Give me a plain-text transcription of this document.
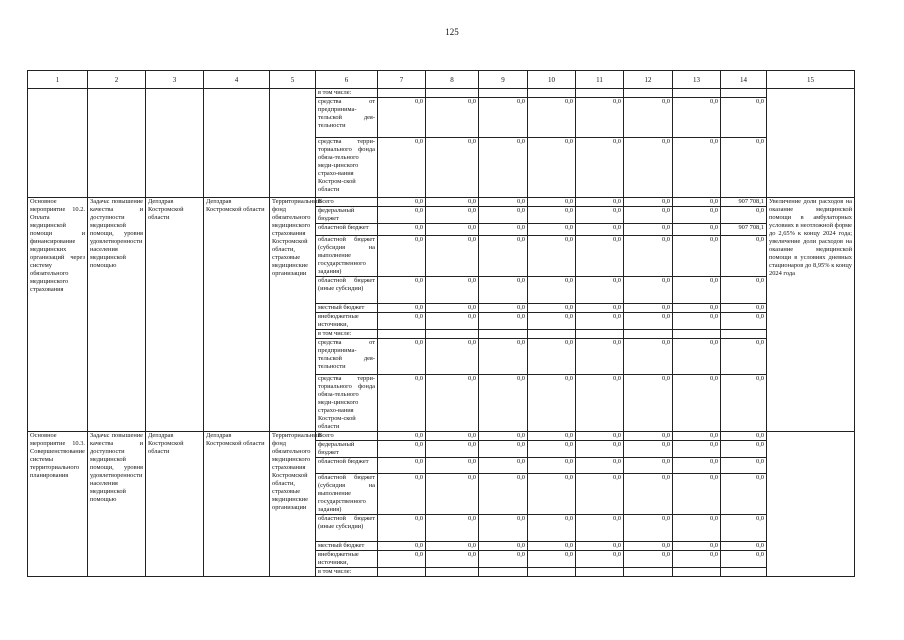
125
1	2	3	4	5	6	7	8	9	10	11	12	13	14	15
					в том числе:									
					средства от предпринима-тельской дея-тельности	0,0	0,0	0,0	0,0	0,0	0,0	0,0	0,0	
					средства терри-ториального фонда обяза-тельного меди-цинского страхо-вания Костром-ской области	0,0	0,0	0,0	0,0	0,0	0,0	0,0	0,0	
Основное мероприятие 10.2. Оплата медицинской помощи и финансирование медицинских организаций через систему обязательного медицинского страхования	Задача: повышение качества и доступности медицинской помощи, уровня удовлетворенности населения медицинской помощью	Депздрав Костромской области	Депздрав Костромской области	Территориальный фонд обязательного медицинского страхования Костромской области, страховые медицинские организации	Всего	0,0	0,0	0,0	0,0	0,0	0,0	0,0	907 708,1	Увеличение доли расходов на оказание медицинской помощи в амбулаторных условиях в неотложной форме до 2,65% к концу 2024 года; увеличение доли расходов на оказание медицинской помощи в условиях дневных стационаров до 8,95% к концу 2024 года
					федеральный бюджет	0,0	0,0	0,0	0,0	0,0	0,0	0,0	0,0	
					областной бюджет	0,0	0,0	0,0	0,0	0,0	0,0	0,0	907 708,1	
					областной бюджет (субсидия на выполнение государственного задания)	0,0	0,0	0,0	0,0	0,0	0,0	0,0	0,0	
					областной бюджет (иные субсидии)	0,0	0,0	0,0	0,0	0,0	0,0	0,0	0,0	
					местный бюджет	0,0	0,0	0,0	0,0	0,0	0,0	0,0	0,0	
					внебюджетные источники,	0,0	0,0	0,0	0,0	0,0	0,0	0,0	0,0	
					в том числе:									
					средства от предпринима-тельской дея-тельности	0,0	0,0	0,0	0,0	0,0	0,0	0,0	0,0	
					средства терри-ториального фонда обяза-тельного меди-цинского страхо-вания Костром-ской области	0,0	0,0	0,0	0,0	0,0	0,0	0,0	0,0	
Основное мероприятие 10.3. Совершенствование системы территориального планирования	Задача: повышение качества и доступности медицинской помощи, уровня удовлетворенности населения медицинской помощью	Депздрав Костромской области	Депздрав Костромской области	Территориальный фонд обязательного медицинского страхования Костромской области, страховые медицинские организации	Всего	0,0	0,0	0,0	0,0	0,0	0,0	0,0	0,0	
					федеральный бюджет	0,0	0,0	0,0	0,0	0,0	0,0	0,0	0,0	
					областной бюджет	0,0	0,0	0,0	0,0	0,0	0,0	0,0	0,0	
					областной бюджет (субсидия на выполнение государственного задания)	0,0	0,0	0,0	0,0	0,0	0,0	0,0	0,0	
					областной бюджет (иные субсидии)	0,0	0,0	0,0	0,0	0,0	0,0	0,0	0,0	
					местный бюджет	0,0	0,0	0,0	0,0	0,0	0,0	0,0	0,0	
					внебюджетные источники,	0,0	0,0	0,0	0,0	0,0	0,0	0,0	0,0	
					в том числе:									
